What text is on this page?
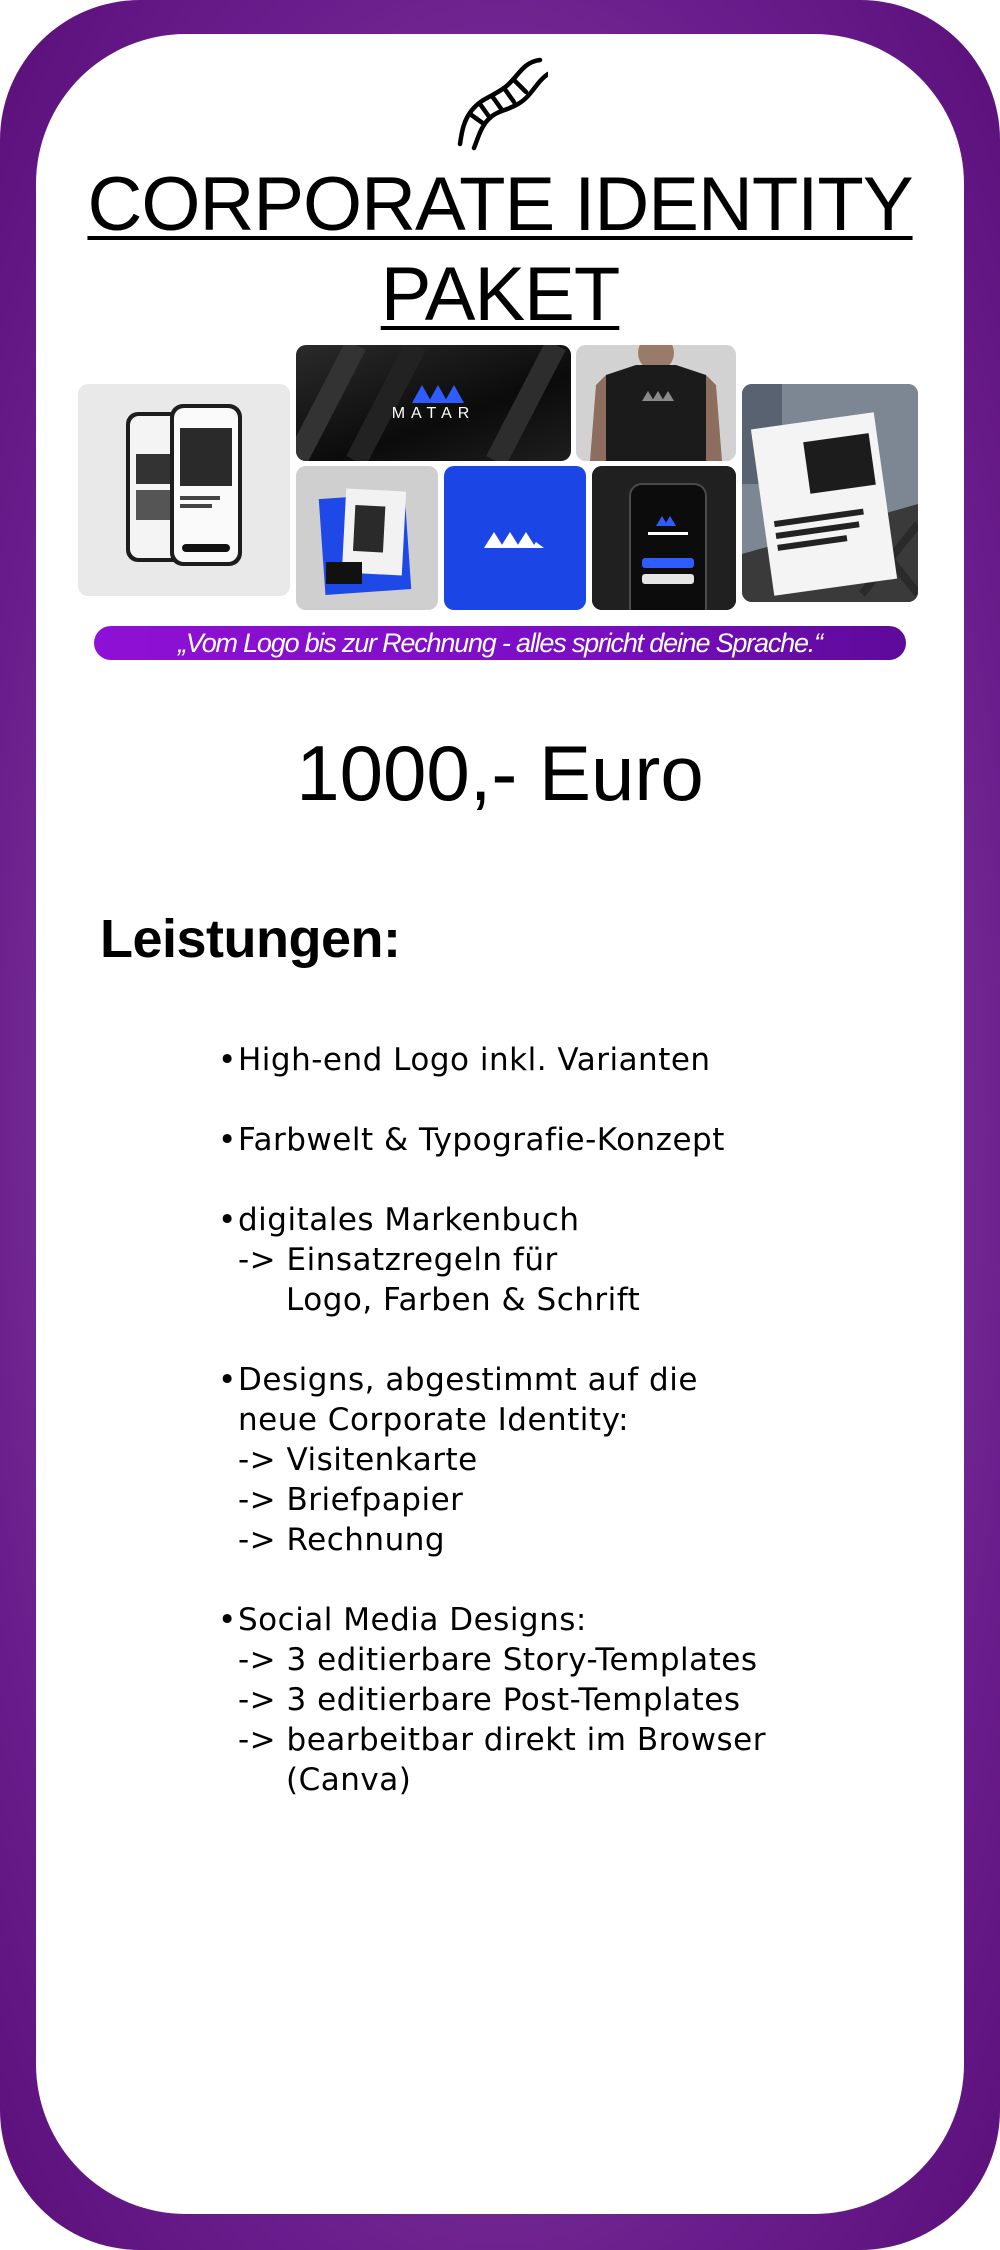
CORPORATE IDENTITY
PAKET
MATAR
„Vom Logo bis zur Rechnung - alles spricht deine Sprache.“
1000,- Euro
Leistungen:
•High-end Logo inkl. Varianten
•Farbwelt & Typografie-Konzept
•digitales Markenbuch
-> Einsatzregeln für
Logo, Farben & Schrift
•Designs, abgestimmt auf die
neue Corporate Identity:
-> Visitenkarte
-> Briefpapier
-> Rechnung
•Social Media Designs:
-> 3 editierbare Story-Templates
-> 3 editierbare Post-Templates
-> bearbeitbar direkt im Browser
(Canva)
